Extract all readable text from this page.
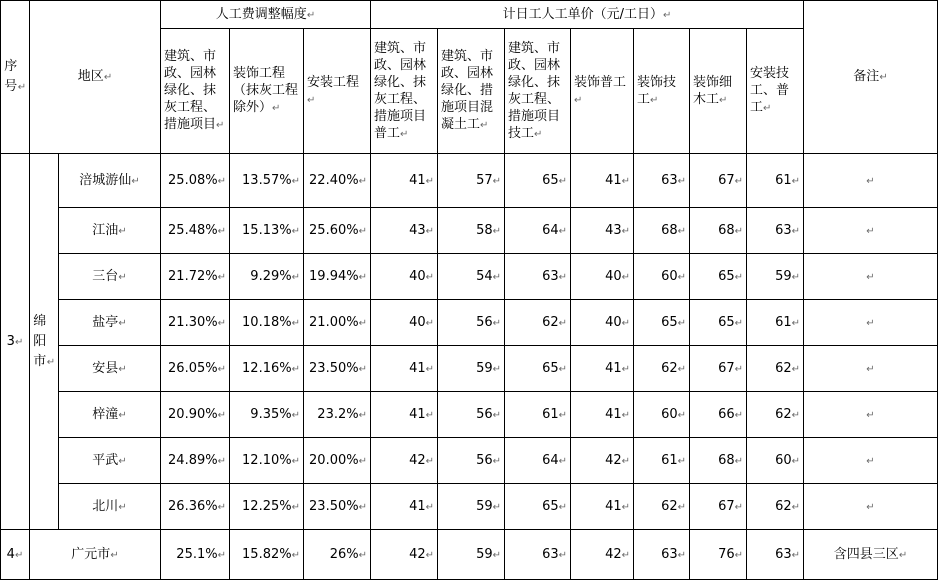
序号↵	地区↵		人工费调整幅度↵			计日工人工单价（元/工日）↵							备注↵
			建筑、市政、园林绿化、抹灰工程、措施项目↵	装饰工程（抹灰工程除外）↵	安装工程↵	建筑、市政、园林绿化、抹灰工程、措施项目普工↵	建筑、市政、园林绿化、措施项目混凝土工↵	建筑、市政、园林绿化、抹灰工程、措施项目技工↵	装饰普工↵	装饰技工↵	装饰细木工↵	安装技工、普工↵	
3↵	绵阳市↵	涪城游仙↵	25.08%↵	13.57%↵	22.40%↵	41↵	57↵	65↵	41↵	63↵	67↵	61↵	↵
		江油↵	25.48%↵	15.13%↵	25.60%↵	43↵	58↵	64↵	43↵	68↵	68↵	63↵	↵
		三台↵	21.72%↵	9.29%↵	19.94%↵	40↵	54↵	63↵	40↵	60↵	65↵	59↵	↵
		盐亭↵	21.30%↵	10.18%↵	21.00%↵	40↵	56↵	62↵	40↵	65↵	65↵	61↵	↵
		安县↵	26.05%↵	12.16%↵	23.50%↵	41↵	59↵	65↵	41↵	62↵	67↵	62↵	↵
		梓潼↵	20.90%↵	9.35%↵	23.2%↵	41↵	56↵	61↵	41↵	60↵	66↵	62↵	↵
		平武↵	24.89%↵	12.10%↵	20.00%↵	42↵	56↵	64↵	42↵	61↵	68↵	60↵	↵
		北川↵	26.36%↵	12.25%↵	23.50%↵	41↵	59↵	65↵	41↵	62↵	67↵	62↵	↵
4↵	广元市↵		25.1%↵	15.82%↵	26%↵	42↵	59↵	63↵	42↵	63↵	76↵	63↵	含四县三区↵
